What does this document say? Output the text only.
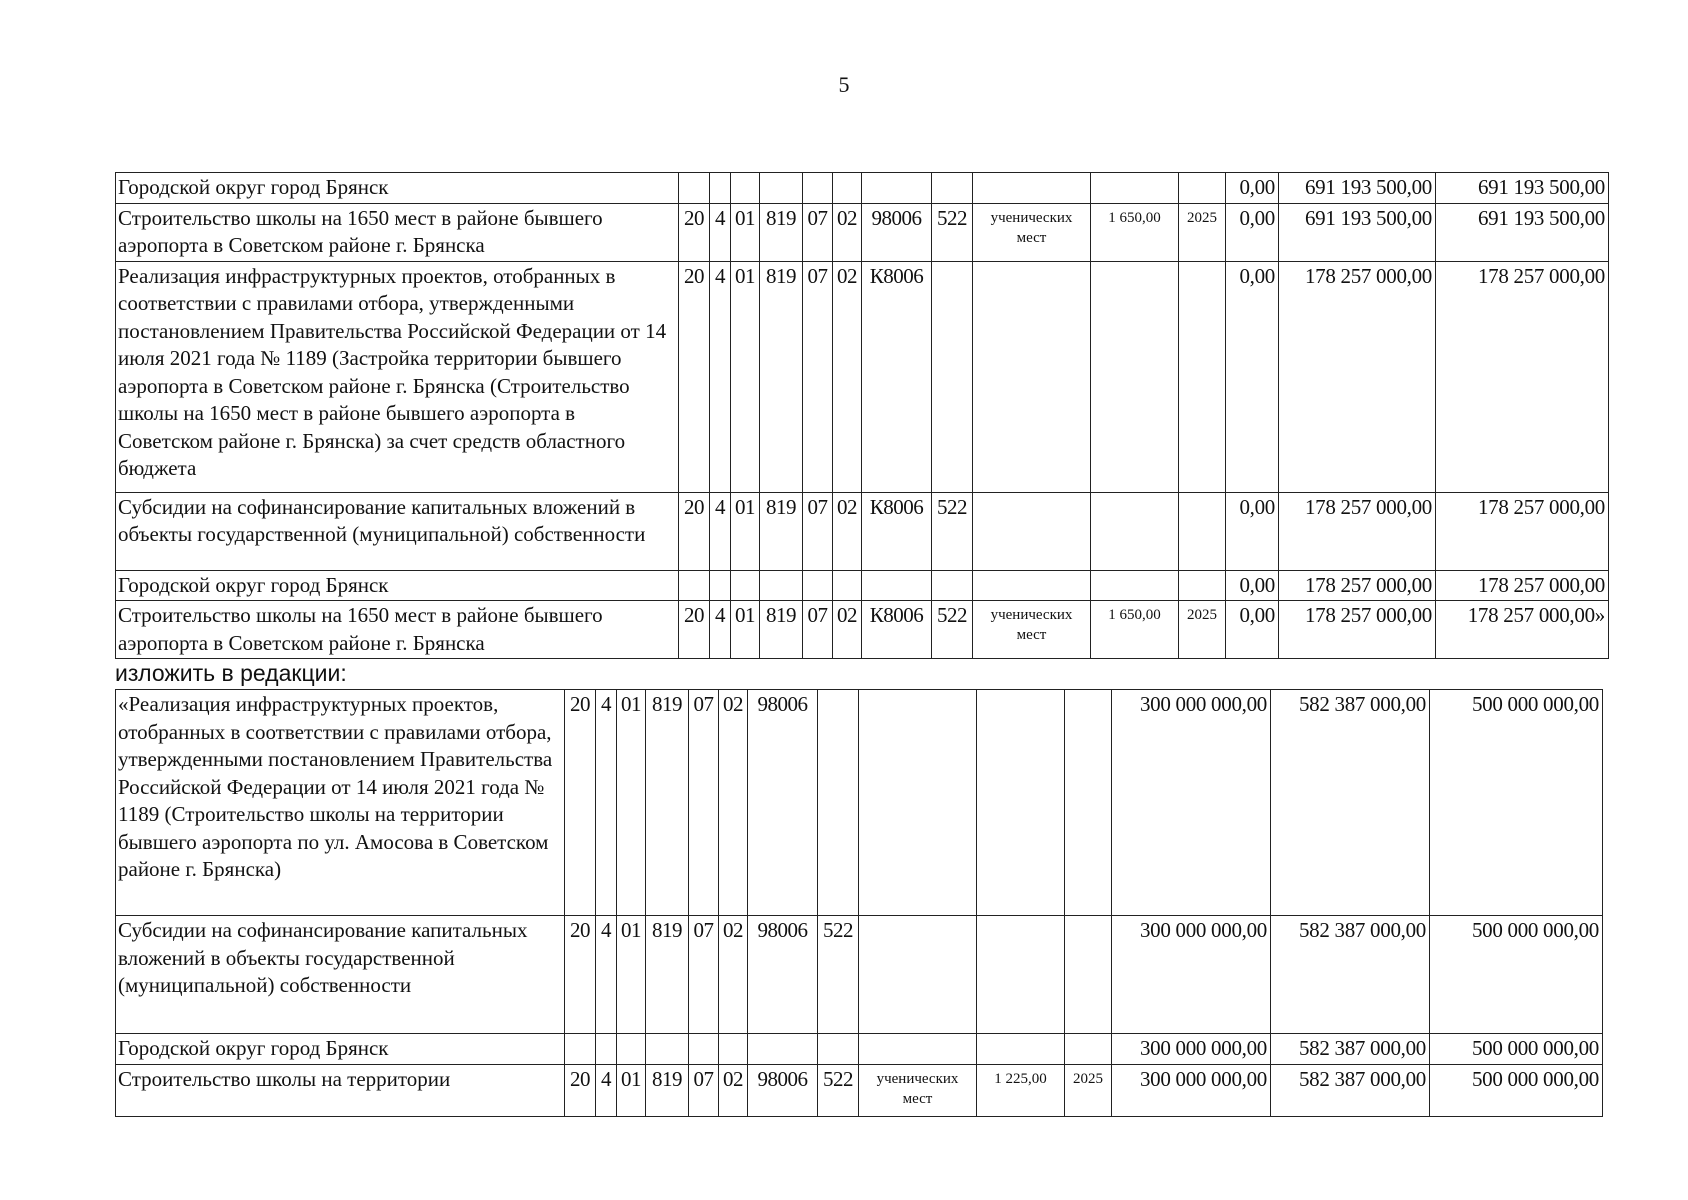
5
Городской округ город Брянск												0,00	691 193 500,00	691 193 500,00
Строительство школы на 1650 мест в районе бывшего аэропорта в Советском районе г. Брянска	20	4	01	819	07	02	98006	522	ученических мест	1 650,00	2025	0,00	691 193 500,00	691 193 500,00
Реализация инфраструктурных проектов, отобранных в соответствии с правилами отбора, утвержденными постановлением Правительства Российской Федерации от 14 июля 2021 года № 1189 (Застройка территории бывшего аэропорта в Советском районе г. Брянска (Строительство школы на 1650 мест в районе бывшего аэропорта в Советском районе г. Брянска) за счет средств областного бюджета	20	4	01	819	07	02	К8006					0,00	178 257 000,00	178 257 000,00
Субсидии на софинансирование капитальных вложений в объекты государственной (муниципальной) собственности	20	4	01	819	07	02	К8006	522				0,00	178 257 000,00	178 257 000,00
Городской округ город Брянск												0,00	178 257 000,00	178 257 000,00
Строительство школы на 1650 мест в районе бывшего аэропорта в Советском районе г. Брянска	20	4	01	819	07	02	К8006	522	ученических мест	1 650,00	2025	0,00	178 257 000,00	178 257 000,00»
изложить в редакции:
«Реализация инфраструктурных проектов, отобранных в соответствии с правилами отбора, утвержденными постановлением Правительства Российской Федерации от 14 июля 2021 года № 1189 (Строительство школы на территории бывшего аэропорта по ул. Амосова в Советском районе г. Брянска)	20	4	01	819	07	02	98006					300 000 000,00	582 387 000,00	500 000 000,00
Субсидии на софинансирование капитальных вложений в объекты государственной (муниципальной) собственности	20	4	01	819	07	02	98006	522				300 000 000,00	582 387 000,00	500 000 000,00
Городской округ город Брянск												300 000 000,00	582 387 000,00	500 000 000,00
Строительство школы на территории	20	4	01	819	07	02	98006	522	ученических мест	1 225,00	2025	300 000 000,00	582 387 000,00	500 000 000,00
